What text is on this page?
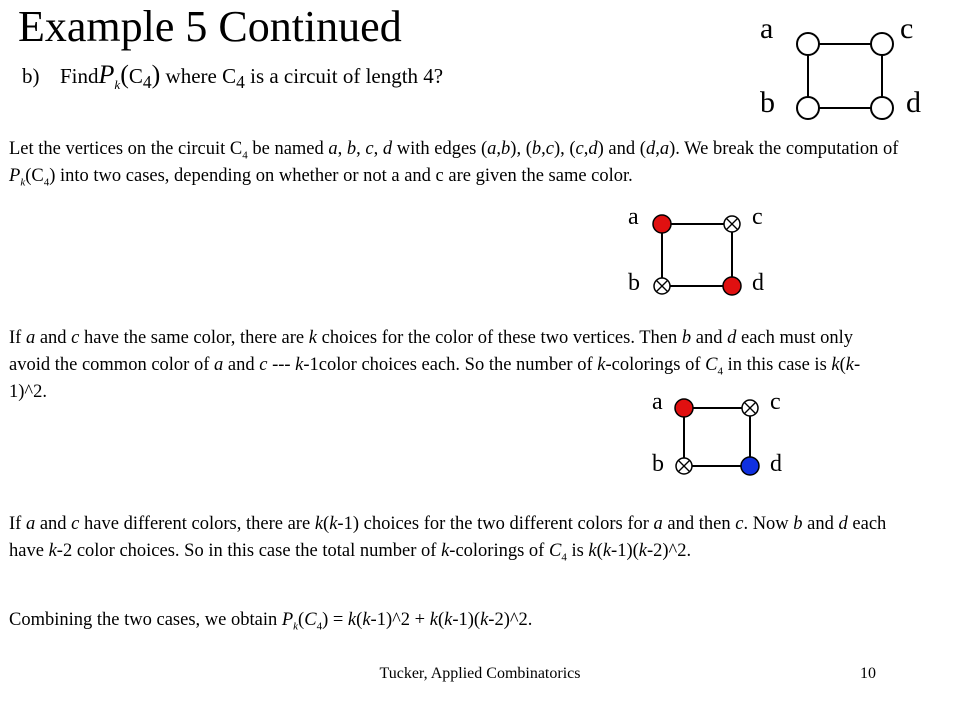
Example 5 Continued
b) $FindP_k(C_4)$ where $C_4$ is a circuit of length 4?
a	c
b	d
Let the vertices on the circuit $C_4$ be named a, b, c, d with edges (a,b), (b,c), (c,d) and (d,a). We break the computation of $P_k(C_4)$ into two cases, depending on whether or not a and c are given the same color.
a	c
b	d
If a and c have the same color, there are k choices for the color of these two vertices. Then b and d each must only avoid the common color of a and c --- k-1color choices each. So the number of k-colorings of $C_4$ in this case is k(k-1)^2.	a	c
b	d
If a and c have different colors, there are k(k-1) choices for the two different colors for a and then c. Now b and d each have k-2 color choices. So in this case the total number of k-colorings of $C_4$ is k(k-1)(k-2)^2.
Combining the two cases, we obtain $P_k(C_4)$ = k(k-1)^2 + k(k-1)(k-2)^2.
Tucker, Applied Combinatorics	10
